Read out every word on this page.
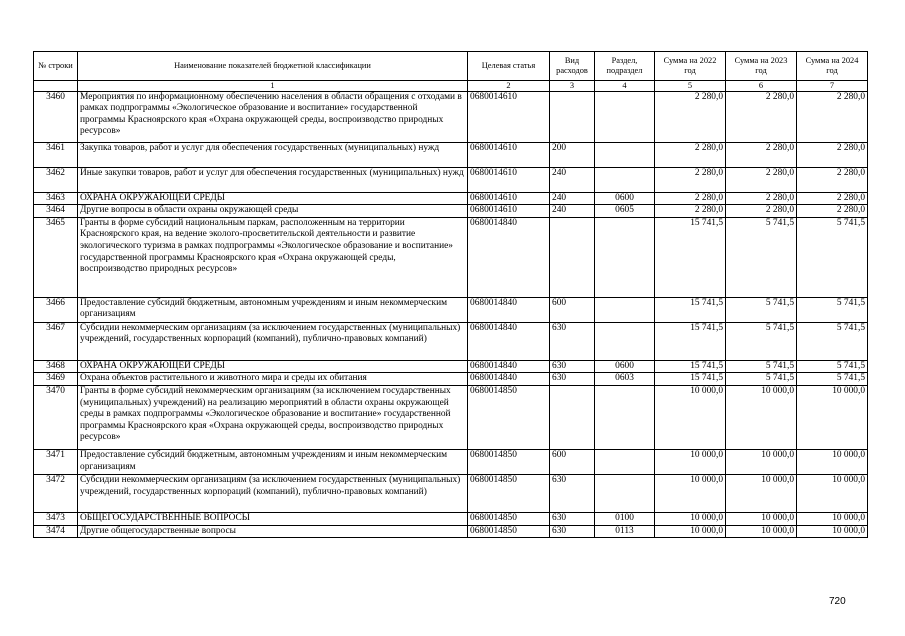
№ строки	Наименование показателей бюджетной классификации	Целевая статья	Вид расходов	Раздел, подраздел	Сумма на 2022 год	Сумма на 2023 год	Сумма на 2024 год
	1	2	3	4	5	6	7
3460	Мероприятия по информационному обеспечению населения в области обращения с отходами в рамках подпрограммы «Экологическое образование и воспитание» государственной программы Красноярского края «Охрана окружающей среды, воспроизводство природных ресурсов»	0680014610			2 280,0	2 280,0	2 280,0
3461	Закупка товаров, работ и услуг для обеспечения государственных (муниципальных) нужд	0680014610	200		2 280,0	2 280,0	2 280,0
3462	Иные закупки товаров, работ и услуг для обеспечения государственных (муниципальных) нужд	0680014610	240		2 280,0	2 280,0	2 280,0
3463	ОХРАНА ОКРУЖАЮЩЕЙ СРЕДЫ	0680014610	240	0600	2 280,0	2 280,0	2 280,0
3464	Другие вопросы в области охраны окружающей среды	0680014610	240	0605	2 280,0	2 280,0	2 280,0
3465	Гранты в форме субсидий национальным паркам, расположенным на территории Красноярского края, на ведение эколого-просветительской деятельности и развитие экологического туризма в рамках подпрограммы «Экологическое образование и воспитание» государственной программы Красноярского края «Охрана окружающей среды, воспроизводство природных ресурсов»	0680014840			15 741,5	5 741,5	5 741,5
3466	Предоставление субсидий бюджетным, автономным учреждениям и иным некоммерческим организациям	0680014840	600		15 741,5	5 741,5	5 741,5
3467	Субсидии некоммерческим организациям (за исключением государственных (муниципальных) учреждений, государственных корпораций (компаний), публично-правовых компаний)	0680014840	630		15 741,5	5 741,5	5 741,5
3468	ОХРАНА ОКРУЖАЮЩЕЙ СРЕДЫ	0680014840	630	0600	15 741,5	5 741,5	5 741,5
3469	Охрана объектов растительного и животного мира и среды их обитания	0680014840	630	0603	15 741,5	5 741,5	5 741,5
3470	Гранты в форме субсидий некоммерческим организациям (за исключением государственных (муниципальных) учреждений) на реализацию мероприятий в области охраны окружающей среды в рамках подпрограммы «Экологическое образование и воспитание» государственной программы Красноярского края «Охрана окружающей среды, воспроизводство природных ресурсов»	0680014850			10 000,0	10 000,0	10 000,0
3471	Предоставление субсидий бюджетным, автономным учреждениям и иным некоммерческим организациям	0680014850	600		10 000,0	10 000,0	10 000,0
3472	Субсидии некоммерческим организациям (за исключением государственных (муниципальных) учреждений, государственных корпораций (компаний), публично-правовых компаний)	0680014850	630		10 000,0	10 000,0	10 000,0
3473	ОБЩЕГОСУДАРСТВЕННЫЕ ВОПРОСЫ	0680014850	630	0100	10 000,0	10 000,0	10 000,0
3474	Другие общегосударственные вопросы	0680014850	630	0113	10 000,0	10 000,0	10 000,0
720
